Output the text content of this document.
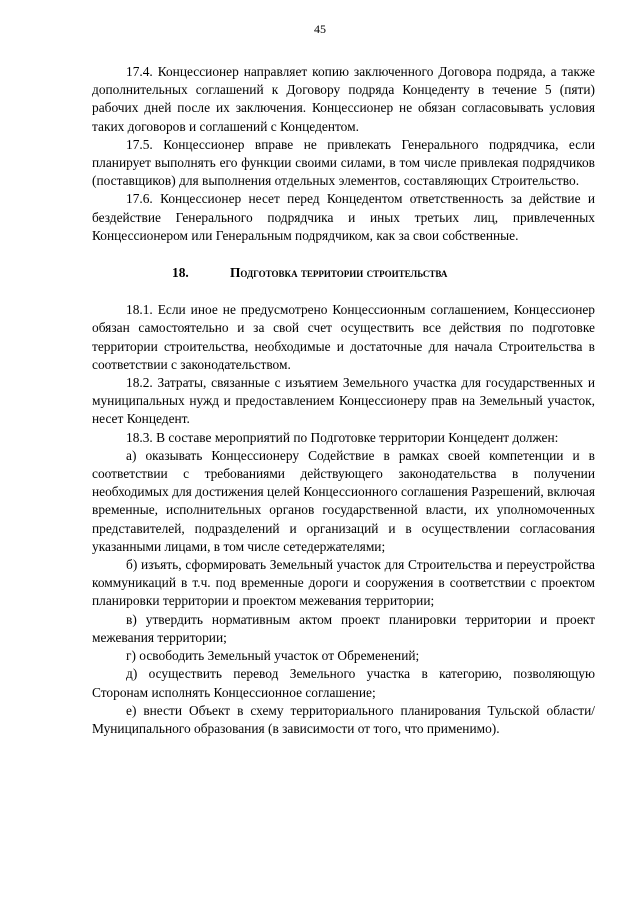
45

17.4. Концессионер направляет копию заключенного Договора подряда, а также дополнительных соглашений к Договору подряда Концеденту в течение 5 (пяти) рабочих дней после их заключения. Концессионер не обязан согласовывать условия таких договоров и соглашений с Концедентом.

17.5. Концессионер вправе не привлекать Генерального подрядчика, если планирует выполнять его функции своими силами, в том числе привлекая подрядчиков (поставщиков) для выполнения отдельных элементов, составляющих Строительство.

17.6. Концессионер несет перед Концедентом ответственность за действие и бездействие Генерального подрядчика и иных третьих лиц, привлеченных Концессионером или Генеральным подрядчиком, как за свои собственные.

18.	Подготовка территории строительства

18.1. Если иное не предусмотрено Концессионным соглашением, Концессионер обязан самостоятельно и за свой счет осуществить все действия по подготовке территории строительства, необходимые и достаточные для начала Строительства в соответствии с законодательством.

18.2. Затраты, связанные с изъятием Земельного участка для государственных и муниципальных нужд и предоставлением Концессионеру прав на Земельный участок, несет Концедент.

18.3. В составе мероприятий по Подготовке территории Концедент должен:

а) оказывать Концессионеру Содействие в рамках своей компетенции и в соответствии с требованиями действующего законодательства в получении необходимых для достижения целей Концессионного соглашения Разрешений, включая временные, исполнительных органов государственной власти, их уполномоченных представителей, подразделений и организаций и в осуществлении согласования указанными лицами, в том числе сетедержателями;

б) изъять, сформировать Земельный участок для Строительства и переустройства коммуникаций в т.ч. под временные дороги и сооружения в соответствии с проектом планировки территории и проектом межевания территории;

в) утвердить нормативным актом проект планировки территории и проект межевания территории;

г) освободить Земельный участок от Обременений;

д) осуществить перевод Земельного участка в категорию, позволяющую Сторонам исполнять Концессионное соглашение;

е) внести Объект в схему территориального планирования Тульской области/Муниципального образования (в зависимости от того, что применимо).
